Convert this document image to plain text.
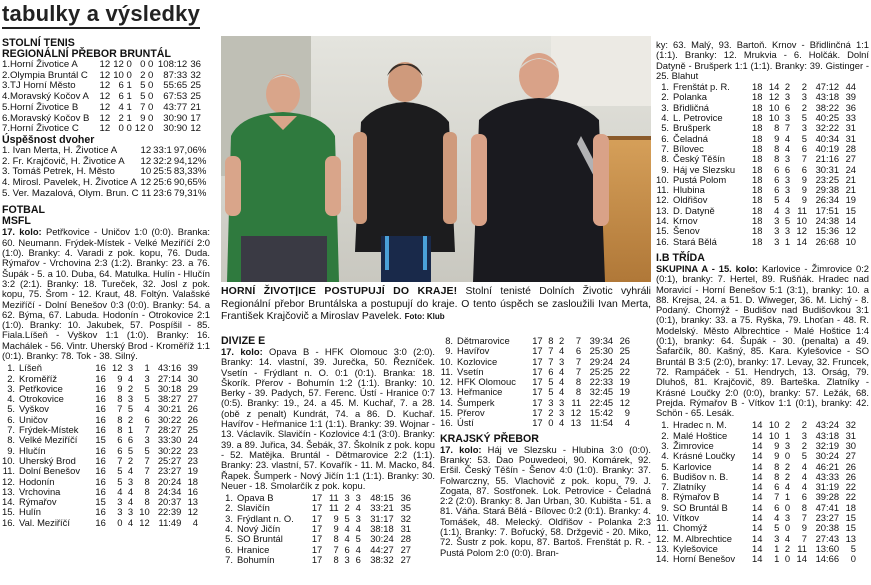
tabulky a výsledky
STOLNÍ TENIS
REGIONÁLNÍ PŘEBOR BRUNTÁL
1.Horní Životice A	12	12	0	0	0	108:12	36
2.Olympia Bruntál C	12	10	0	2	0	87:33	32
3.TJ Horní Město	12	6	1	5	0	55:65	25
4.Moravský Kočov A	12	6	1	5	0	67:53	25
5.Horní Životice B	12	4	1	7	0	43:77	21
6.Moravský Kočov B	12	2	1	9	0	30:90	17
7.Horní Životice C	12	0	0	12	0	30:90	12
Úspěšnost dvoher
1. Ivan Merta, H. Životice A	12	33:1	97,06%
2. Fr. Krajčovič, H. Životice A	12	32:2	94,12%
3. Tomáš Petrek, H. Město	10	25:5	83,33%
4. Mirosl. Pavelek, H. Životice A	12	25:6	90,65%
5. Ver. Mazalová, Olym. Brun. C	11	23:6	79,31%
FOTBAL
MSFL
17. kolo: Petřkovice - Uničov 1:0 (0:0). Branka: 60. Neumann. Frýdek-Místek - Velké Meziříčí 2:0 (1:0). Branky: 4. Varadi z pok. kopu, 76. Duda. Rýmařov - Vrchovina 2:3 (1:2). Branky: 23. a 76. Šupák - 5. a 10. Duba, 64. Matulka. Hulín - Hlučín 3:2 (2:1). Branky: 18. Tureček, 32. Josl z pok. kopu, 75. Šrom - 12. Kraut, 48. Foltýn. Valašské Meziříčí - Dolní Benešov 0:3 (0:0). Branky: 54. a 62. Býma, 67. Labuda. Hodonín - Otrokovice 2:1 (1:0). Branky: 10. Jakubek, 57. Pospíšil - 85. Fiala.Líšeň - Vyškov 1:1 (1:0). Branky: 16. Machálek - 56. Vintr. Uherský Brod - Kroměříž 1:1 (0:1). Branky: 78. Tok - 38. Silný.
1.	Líšeň	16	12	3	1	43:16	39
2.	Kroměříž	16	9	4	3	27:14	30
3.	Petřkovice	16	9	2	5	30:18	29
4.	Otrokovice	16	8	3	5	38:27	27
5.	Vyškov	16	7	5	4	30:21	26
6.	Uničov	16	8	2	6	30:22	26
7.	Frýdek-Místek	16	8	1	7	28:27	25
8.	Velké Meziříčí	15	6	6	3	33:30	24
9.	Hlučín	16	6	5	5	30:22	23
10.	Uherský Brod	16	7	2	7	25:27	23
11.	Dolní Benešov	16	5	4	7	23:27	19
12.	Hodonín	16	5	3	8	20:24	18
13.	Vrchovina	16	4	4	8	24:34	16
14.	Rýmařov	15	3	4	8	20:37	13
15.	Hulín	16	3	3	10	22:39	12
16.	Val. Meziříčí	16	0	4	12	11:49	4
HORNÍ ŽIVOT|ICE POSTUPUJÍ DO KRAJE! Stolní tenisté Dolních Životic vyhráli Regionální přebor Bruntálska a postupují do kraje. O tento úspěch se zasloužili Ivan Merta, František Krajčovič a Miroslav Pavelek. Foto: Klub
DIVIZE E
17. kolo: Opava B - HFK Olomouc 3:0 (2:0). Branky: 14. vlastní, 39. Jurečka, 50. Řezníček. Vsetín - Frýdlant n. O. 0:1 (0:1). Branka: 18. Škorík. Přerov - Bohumín 1:2 (1:1). Branky: 10. Berky - 39. Padych, 57. Ferenc. Ústí - Hranice 0:7 (0:5). Branky: 19., 24. a 45. M. Kuchař, 7. a 28. (obě z penalt) Kundrát, 74. a 86. D. Kuchař. Havířov - Heřmanice 1:1 (1:1). Branky: 39. Wojnar - 13. Václavík. Slavičín - Kozlovice 4:1 (3:0). Branky: 39. a 89. Juřica, 34. Šebák, 37. Školník z pok. kopu - 52. Matějka. Bruntál - Dětmarovice 2:2 (1:1). Branky: 23. vlastní, 57. Kovařík - 11. M. Macko, 84. Řapek. Šumperk - Nový Jičín 1:1 (1:1). Branky: 30. Neuer - 18. Smolarčík z pok. kopu.
1.	Opava B	17	11	3	3	48:15	36
2.	Slavičín	17	11	2	4	33:21	35
3.	Frýdlant n. O.	17	9	5	3	31:17	32
4.	Nový Jičín	17	9	4	4	38:18	31
5.	SO Bruntál	17	8	4	5	30:24	28
6.	Hranice	17	7	6	4	44:27	27
7.	Bohumín	17	8	3	6	38:32	27
8.	Dětmarovice	17	8	2	7	39:34	26
9.	Havířov	17	7	4	6	25:30	25
10.	Kozlovice	17	7	3	7	29:24	24
11.	Vsetín	17	6	4	7	25:25	22
12.	HFK Olomouc	17	5	4	8	22:33	19
13.	Heřmanice	17	5	4	8	32:45	19
14.	Šumperk	17	3	3	11	22:45	12
15.	Přerov	17	2	3	12	15:42	9
16.	Ústí	17	0	4	13	11:54	4
KRAJSKÝ PŘEBOR
17. kolo: Háj ve Slezsku - Hlubina 3:0 (0:0). Branky: 53. Dao Pouwedeoi, 90. Komárek, 92. Eršil. Český Těšín - Šenov 4:0 (1:0). Branky: 37. Folwarczny, 55. Vlachovič z pok. kopu, 79. J. Zogata, 87. Sostřonek. Lok. Petrovice - Čeladná 2:2 (2:0). Branky: 8. Jan Urban, 30. Kubišta - 51. a 81. Váňa. Stará Bělá - Bílovec 0:2 (0:1). Branky: 4. Tomášek, 48. Melecký. Oldřišov - Polanka 2:3 (1:1). Branky: 7. Bořucký, 58. Držgevič - 20. Miko, 72. Šustr z pok. kopu, 87. Bartoš. Frenštát p. R. - Pustá Polom 2:0 (0:0). Bran-
ky: 63. Malý, 93. Bartoň. Krnov - Břidlinčná 1:1 (1:1). Branky: 12. Mrukvia - 6. Holčák. Dolní Datyně - Brušperk 1:1 (1:1). Branky: 39. Gistinger - 25. Blahut
1.	Frenštát p. R.	18	14	2	2	47:12	44
2.	Polanka	18	12	3	3	43:18	39
3.	Břidličná	18	10	6	2	38:22	36
4.	L. Petrovice	18	10	3	5	40:25	33
5.	Brušperk	18	8	7	3	32:22	31
6.	Čeladná	18	9	4	5	40:34	31
7.	Bílovec	18	8	4	6	40:19	28
8.	Český Těšín	18	8	3	7	21:16	27
9.	Háj ve Slezsku	18	6	6	6	30:31	24
10.	Pustá Polom	18	6	3	9	23:25	21
11.	Hlubina	18	6	3	9	29:38	21
12.	Oldřišov	18	5	4	9	26:34	19
13.	D. Datyně	18	4	3	11	17:51	15
14.	Krnov	18	3	5	10	24:38	14
15.	Šenov	18	3	3	12	15:36	12
16.	Stará Bělá	18	3	1	14	26:68	10
I.B TŘÍDA
SKUPINA A - 15. kolo: Karlovice - Žimrovice 0:2 (0:1), branky: 7. Hertel, 89. Rušňák. Hradec nad Moravicí - Horní Benešov 5:1 (3:1), branky: 10. a 88. Krejsa, 24. a 51. D. Wiweger, 36. M. Lichý - 8. Podaný. Chomýž - Budišov nad Budišovkou 3:1 (0:1), branky: 33. a 75. Ryška, 79. Lhoťan - 48. R. Modelský. Město Albrechtice - Malé Hoštice 1:4 (0:1), branky: 64. Šupák - 30. (penalta) a 49. Šafarčík, 80. Kašný, 85. Kara. Kylešovice - SO Bruntál B 3:5 (2:0), branky: 17. Levay, 32. Fruncek, 72. Rampáček - 51. Hendrych, 13. Orság, 79. Dluhoš, 81. Krajčovič, 89. Barteška. Zlatníky - Krásné Loučky 2:0 (0:0), branky: 57. Ležák, 68. Prejda. Rýmařov B - Vítkov 1:1 (0:1), branky: 42. Schön - 65. Lesák.
1.	Hradec n. M.	14	10	2	2	43:24	32
2.	Malé Hoštice	14	10	1	3	43:18	31
3.	Žimrovice	14	9	3	2	32:19	30
4.	Krásné Loučky	14	9	0	5	30:24	27
5.	Karlovice	14	8	2	4	46:21	26
6.	Budišov n. B.	14	8	2	4	43:33	26
7.	Zlatníky	14	6	4	4	31:19	22
8.	Rýmařov B	14	7	1	6	39:28	22
9.	SO Bruntál B	14	6	0	8	47:41	18
10.	Vítkov	14	4	3	7	23:27	15
11.	Chomýž	14	5	0	9	20:38	15
12.	M. Albrechtice	14	3	4	7	27:43	13
13.	Kylešovice	14	1	2	11	13:60	5
14.	Horní Benešov	14	1	0	14	14:66	0
